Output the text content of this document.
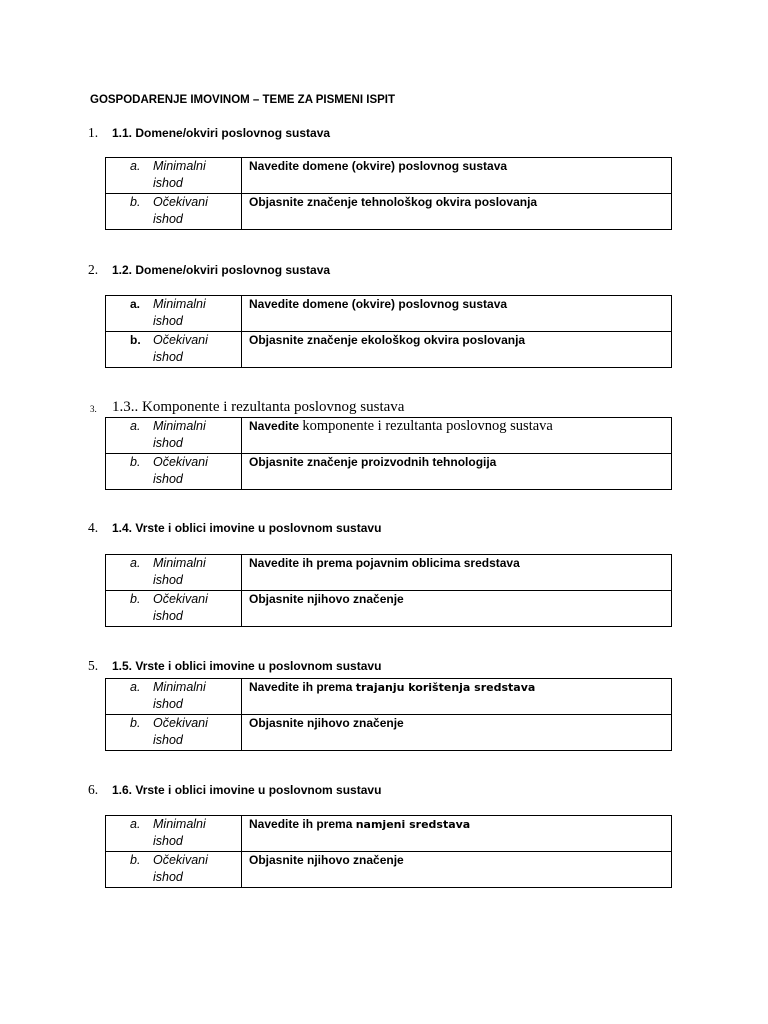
GOSPODARENJE IMOVINOM – TEME ZA PISMENI ISPIT
1. 1.1. Domene/okviri poslovnog sustava
a. Minimalni
ishod
Navedite domene (okvire) poslovnog sustava
b. Očekivani
ishod
Objasnite značenje tehnološkog okvira poslovanja
2. 1.2. Domene/okviri poslovnog sustava
a. Minimalni
ishod
Navedite domene (okvire) poslovnog sustava
b. Očekivani
ishod
Objasnite značenje ekološkog okvira poslovanja
3. 1.3.. Komponente i rezultanta poslovnog sustava
a. Minimalni
ishod
Navedite komponente i rezultanta poslovnog sustava
b. Očekivani
ishod
Objasnite značenje proizvodnih tehnologija
4. 1.4. Vrste i oblici imovine u poslovnom sustavu
a. Minimalni
ishod
Navedite ih prema pojavnim oblicima sredstava
b. Očekivani
ishod
Objasnite njihovo značenje
5. 1.5. Vrste i oblici imovine u poslovnom sustavu
a. Minimalni
ishod
Navedite ih prema trajanju korištenja sredstava
b. Očekivani
ishod
Objasnite njihovo značenje
6. 1.6. Vrste i oblici imovine u poslovnom sustavu
a. Minimalni
ishod
Navedite ih prema namjeni sredstava
b. Očekivani
ishod
Objasnite njihovo značenje
